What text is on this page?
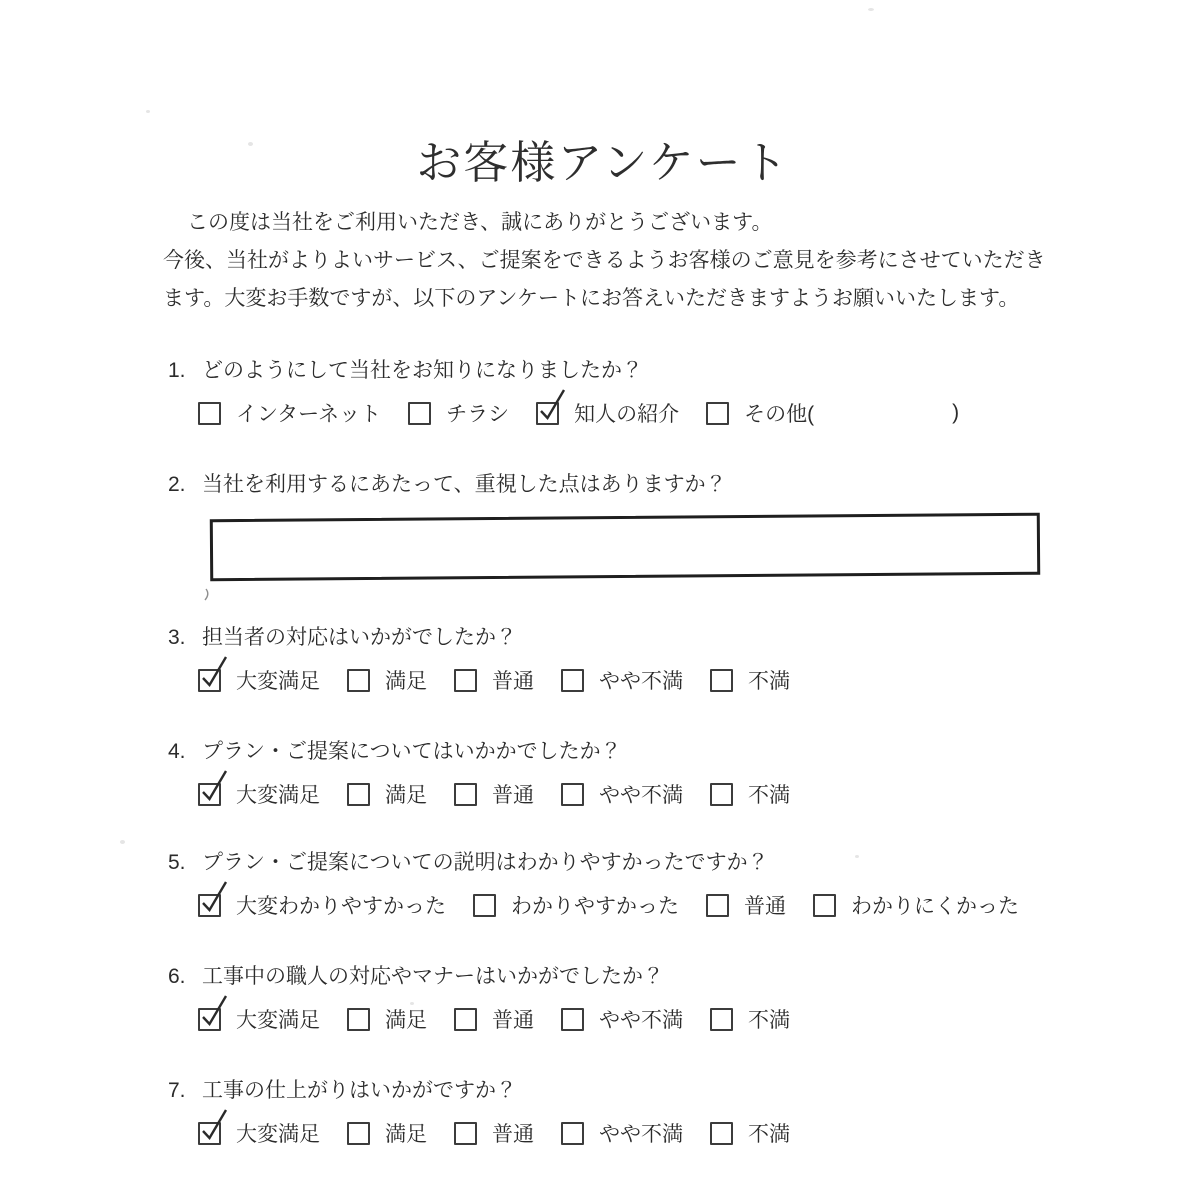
お客様アンケート

この度は当社をご利用いただき、誠にありがとうございます。

今後、当社がよりよいサービス、ご提案をできるようお客様のご意見を参考にさせていただき

ます。大変お手数ですが、以下のアンケートにお答えいただきますようお願いいたします。

1. どのようにして当社をお知りになりましたか？
インターネット	チラシ	知人の紹介	その他(	)
2. 当社を利用するにあたって、重視した点はありますか？
3. 担当者の対応はいかがでしたか？
大変満足	満足	普通	やや不満	不満
4. プラン・ご提案についてはいかかでしたか？
大変満足	満足	普通	やや不満	不満
5. プラン・ご提案についての説明はわかりやすかったですか？
大変わかりやすかった	わかりやすかった	普通	わかりにくかった
6. 工事中の職人の対応やマナーはいかがでしたか？
大変満足	満足	普通	やや不満	不満
7. 工事の仕上がりはいかがですか？
大変満足	満足	普通	やや不満	不満
